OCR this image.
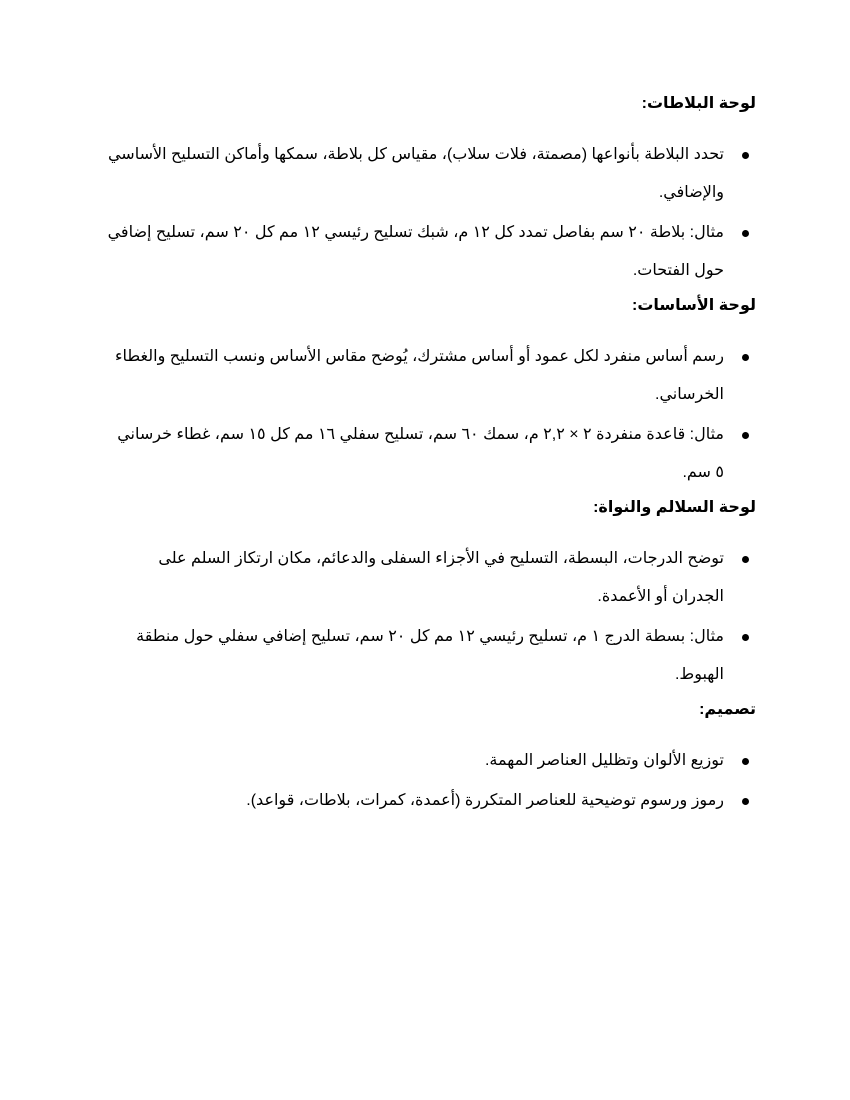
لوحة البلاطات:
تحدد البلاطة بأنواعها (مصمتة، فلات سلاب)، مقياس كل بلاطة، سمكها وأماكن التسليح الأساسي والإضافي.
مثال: بلاطة ٢٠ سم بفاصل تمدد كل ١٢ م، شبك تسليح رئيسي ١٢ مم كل ٢٠ سم، تسليح إضافي حول الفتحات.
لوحة الأساسات:
رسم أساس منفرد لكل عمود أو أساس مشترك، يُوضح مقاس الأساس ونسب التسليح والغطاء الخرساني.
مثال: قاعدة منفردة ٢ × ٢,٢ م، سمك ٦٠ سم، تسليح سفلي ١٦ مم كل ١٥ سم، غطاء خرساني ٥ سم.
لوحة السلالم والنواة:
توضح الدرجات، البسطة، التسليح في الأجزاء السفلى والدعائم، مكان ارتكاز السلم على الجدران أو الأعمدة.
مثال: بسطة الدرج ١ م، تسليح رئيسي ١٢ مم كل ٢٠ سم، تسليح إضافي سفلي حول منطقة الهبوط.
تصميم:
توزيع الألوان وتظليل العناصر المهمة.
رموز ورسوم توضيحية للعناصر المتكررة (أعمدة، كمرات، بلاطات، قواعد).
